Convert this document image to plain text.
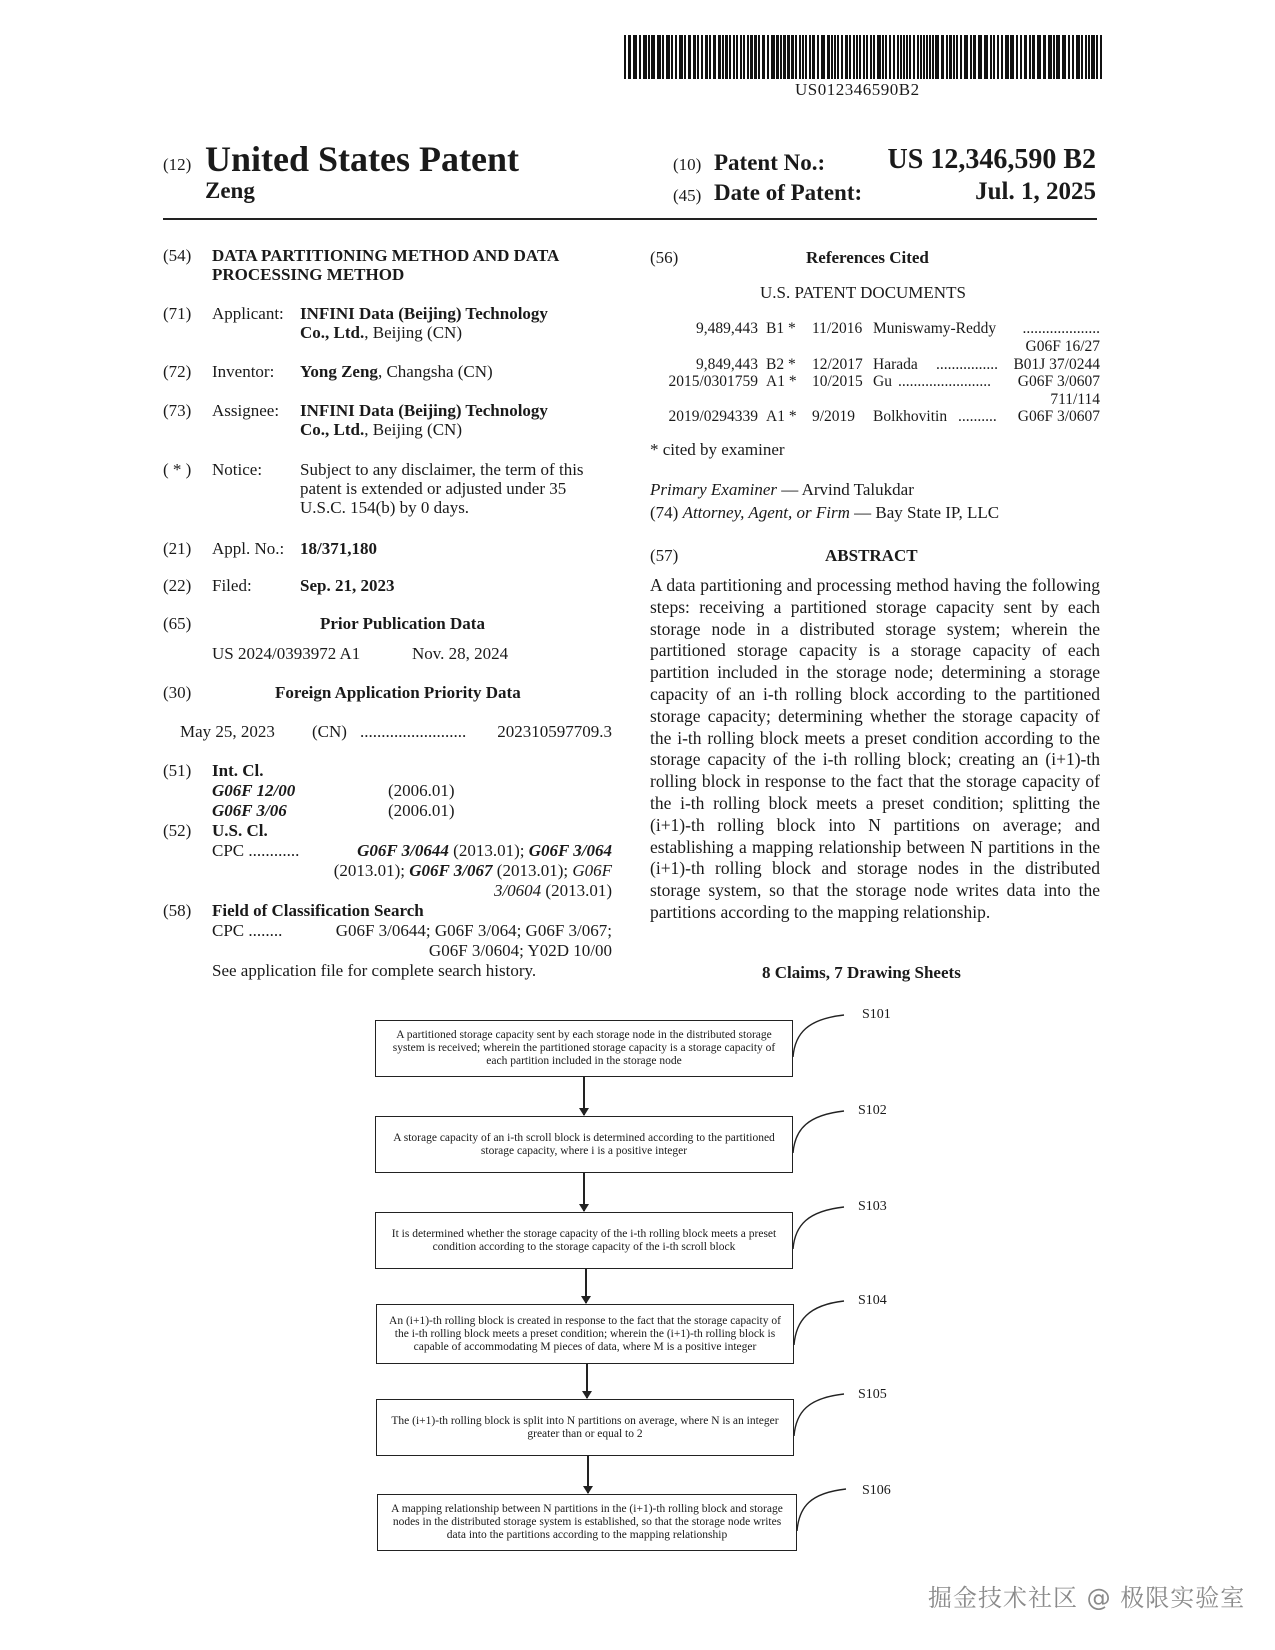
US012346590B2
(12) United States Patent
Zeng
(10) Patent No.: US 12,346,590 B2
(45) Date of Patent:	Jul. 1, 2025
(54) DATA PARTITIONING METHOD AND DATA
PROCESSING METHOD
(71) Applicant: INFINI Data (Beijing) Technology
Co., Ltd., Beijing (CN)
(72) Inventor: Yong Zeng, Changsha (CN)
(73) Assignee: INFINI Data (Beijing) Technology
Co., Ltd., Beijing (CN)
( * ) Notice: Subject to any disclaimer, the term of this
patent is extended or adjusted under 35
U.S.C. 154(b) by 0 days.
(21) Appl. No.: 18/371,180
(22) Filed:	Sep. 21, 2023
(65)	Prior Publication Data
US 2024/0393972 A1	Nov. 28, 2024
(30)	Foreign Application Priority Data
May 25, 2023 (CN) ......................... 202310597709.3
(51) Int. Cl.
G06F 12/00	(2006.01)
G06F 3/06	(2006.01)
(52) U.S. Cl.
CPC ............	G06F 3/0644 (2013.01); G06F 3/064
(2013.01); G06F 3/067 (2013.01); G06F
3/0604 (2013.01)
(58) Field of Classification Search
CPC ........	G06F 3/0644; G06F 3/064; G06F 3/067;
G06F 3/0604; Y02D 10/00
See application file for complete search history.
(56)	References Cited
U.S. PATENT DOCUMENTS
9,489,443 B1 * 11/2016 Muniswamy-Reddy ....................
G06F 16/27
9,849,443 B2 * 12/2017 Harada ................ B01J 37/0244
2015/0301759 A1 * 10/2015 Gu ........................ G06F 3/0607
711/114
2019/0294339 A1 * 9/2019 Bolkhovitin .......... G06F 3/0607
* cited by examiner
Primary Examiner — Arvind Talukdar
(74) Attorney, Agent, or Firm — Bay State IP, LLC
(57)	ABSTRACT
A data partitioning and processing method having the following steps: receiving a partitioned storage capacity sent by each storage node in a distributed storage system; wherein the partitioned storage capacity is a storage capacity of each partition included in the storage node; determining a storage capacity of an i-th rolling block according to the partitioned storage capacity; determining whether the storage capacity of the i-th rolling block meets a preset condition according to the storage capacity of the i-th rolling block; creating an (i+1)-th rolling block in response to the fact that the storage capacity of the i-th rolling block meets a preset condition; splitting the (i+1)-th rolling block into N partitions on average; and establishing a mapping relationship between N partitions in the (i+1)-th rolling block and storage nodes in the distributed storage system, so that the storage node writes data into the partitions according to the mapping relationship.
8 Claims, 7 Drawing Sheets
A partitioned storage capacity sent by each storage node in the distributed storage system is received; wherein the partitioned storage capacity is a storage capacity of each partition included in the storage node
A storage capacity of an i-th scroll block is determined according to the partitioned storage capacity, where i is a positive integer
It is determined whether the storage capacity of the i-th rolling block meets a preset condition according to the storage capacity of the i-th scroll block
An (i+1)-th rolling block is created in response to the fact that the storage capacity of the i-th rolling block meets a preset condition; wherein the (i+1)-th rolling block is capable of accommodating M pieces of data, where M is a positive integer
The (i+1)-th rolling block is split into N partitions on average, where N is an integer greater than or equal to 2
A mapping relationship between N partitions in the (i+1)-th rolling block and storage nodes in the distributed storage system is established, so that the storage node writes data into the partitions according to the mapping relationship
S101
S102
S103
S104
S105
S106
掘金技术社区 @ 极限实验室
